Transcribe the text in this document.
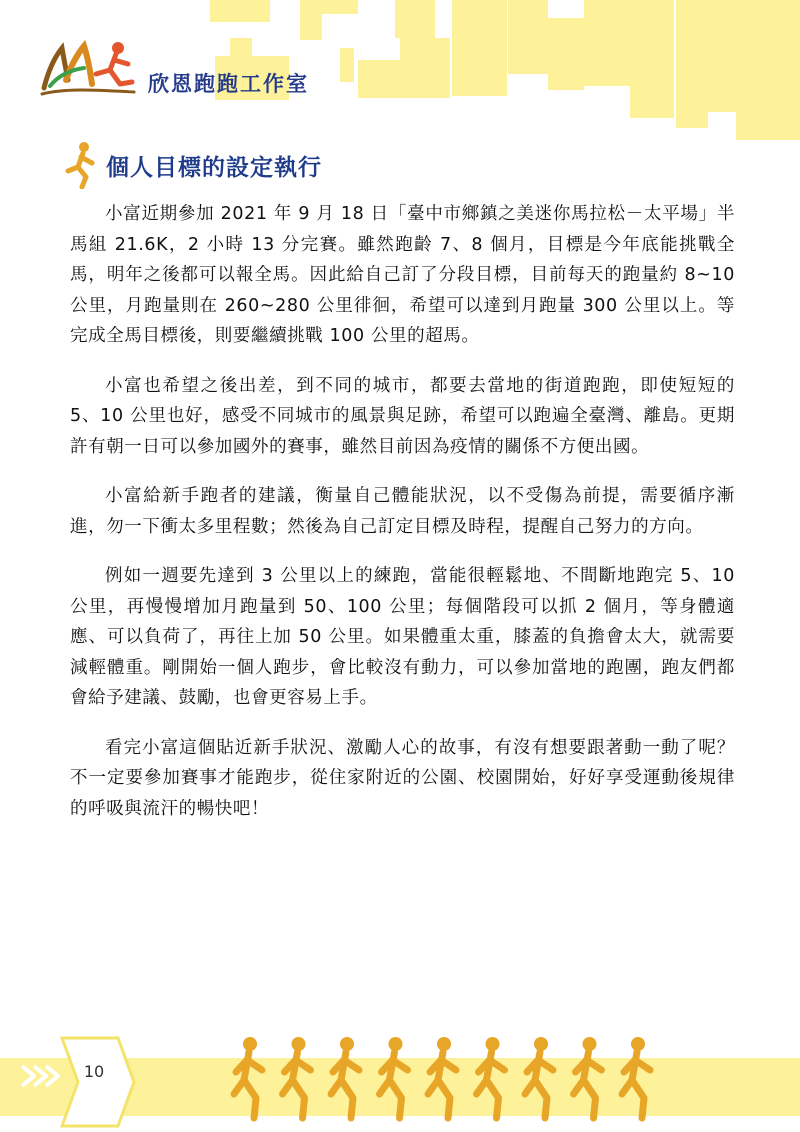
欣恩跑跑工作室
個人目標的設定執行

小富近期參加 2021 年 9 月 18 日「臺中市鄉鎮之美迷你馬拉松－太平場」半馬組 21.6K，2 小時 13 分完賽。雖然跑齡 7、8 個月，目標是今年底能挑戰全馬，明年之後都可以報全馬。因此給自己訂了分段目標，目前每天的跑量約 8~10 公里，月跑量則在 260~280 公里徘徊，希望可以達到月跑量 300 公里以上。等完成全馬目標後，則要繼續挑戰 100 公里的超馬。

小富也希望之後出差，到不同的城市，都要去當地的街道跑跑，即使短短的 5、10 公里也好，感受不同城市的風景與足跡，希望可以跑遍全臺灣、離島。更期許有朝一日可以參加國外的賽事，雖然目前因為疫情的關係不方便出國。

小富給新手跑者的建議，衡量自己體能狀況，以不受傷為前提，需要循序漸進，勿一下衝太多里程數；然後為自己訂定目標及時程，提醒自己努力的方向。

例如一週要先達到 3 公里以上的練跑，當能很輕鬆地、不間斷地跑完 5、10 公里，再慢慢增加月跑量到 50、100 公里；每個階段可以抓 2 個月，等身體適應、可以負荷了，再往上加 50 公里。如果體重太重，膝蓋的負擔會太大，就需要減輕體重。剛開始一個人跑步，會比較沒有動力，可以參加當地的跑團，跑友們都會給予建議、鼓勵，也會更容易上手。

看完小富這個貼近新手狀況、激勵人心的故事，有沒有想要跟著動一動了呢？不一定要參加賽事才能跑步，從住家附近的公園、校園開始，好好享受運動後規律的呼吸與流汗的暢快吧！

10
